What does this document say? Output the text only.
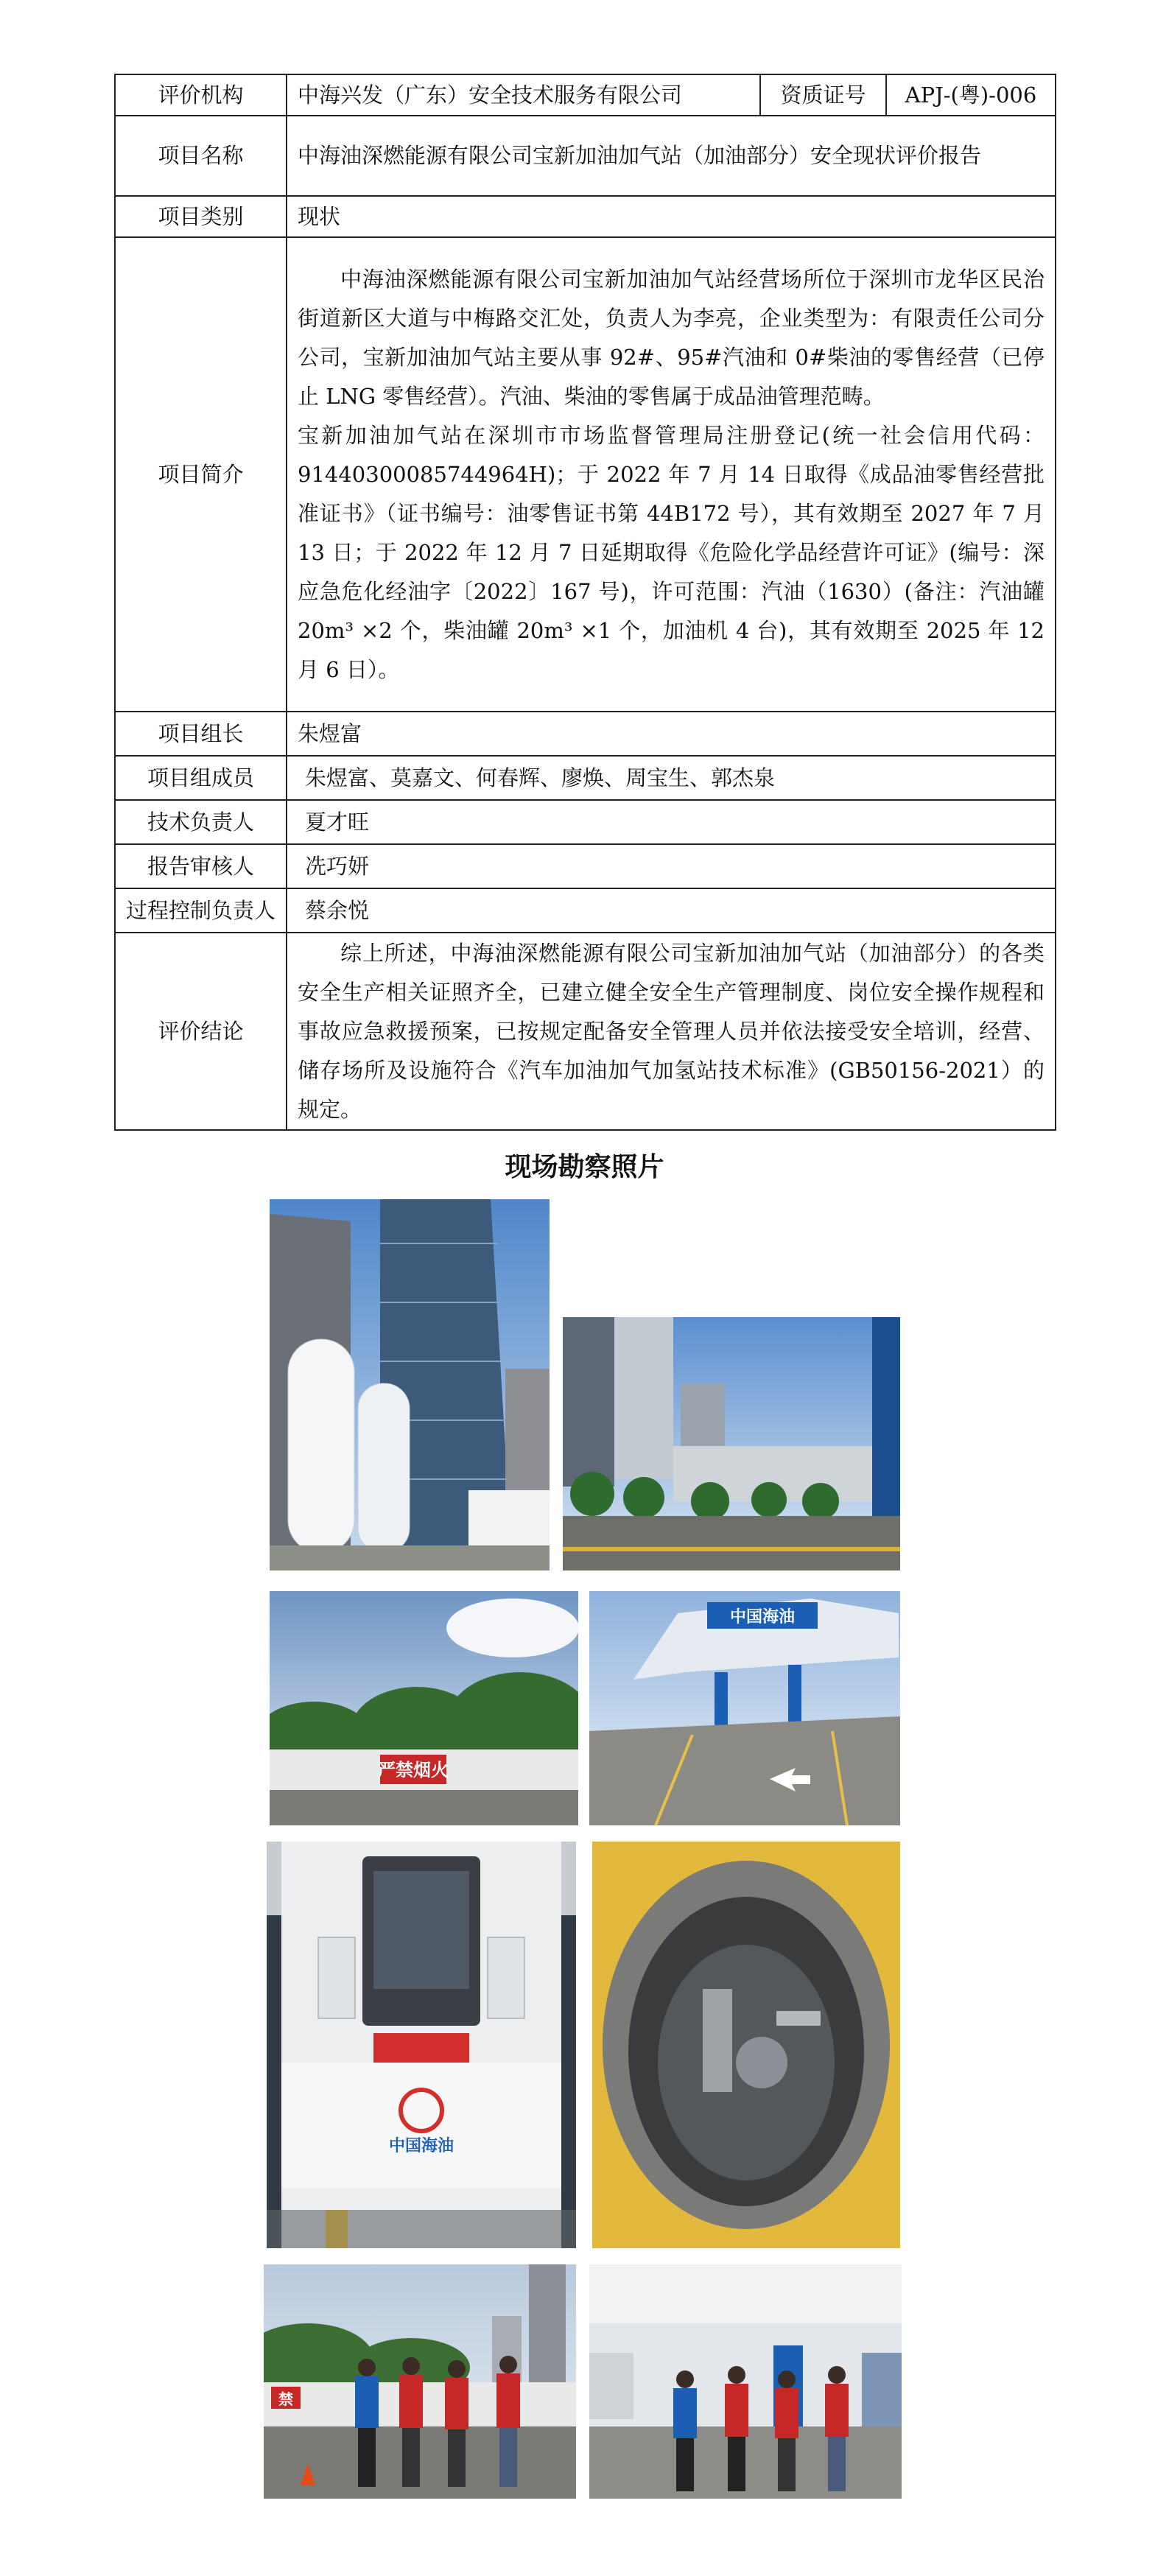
评价机构	中海兴发（广东）安全技术服务有限公司	资质证号	APJ-(粤)-006
项目名称	中海油深燃能源有限公司宝新加油加气站（加油部分）安全现状评价报告		
项目类别	现状		
项目简介	中海油深燃能源有限公司宝新加油加气站经营场所位于深圳市龙华区民治街道新区大道与中梅路交汇处，负责人为李亮，企业类型为：有限责任公司分公司，宝新加油加气站主要从事 92#、95#汽油和 0#柴油的零售经营（已停止 LNG 零售经营）。汽油、柴油的零售属于成品油管理范畴。
宝新加油加气站在深圳市市场监督管理局注册登记(统一社会信用代码：91440300085744964H)；于 2022 年 7 月 14 日取得《成品油零售经营批准证书》（证书编号：油零售证书第 44B172 号），其有效期至 2027 年 7 月 13 日；于 2022 年 12 月 7 日延期取得《危险化学品经营许可证》(编号：深应急危化经油字〔2022〕167 号)，许可范围：汽油（1630）(备注：汽油罐 20m³ ×2 个，柴油罐 20m³ ×1 个，加油机 4 台)，其有效期至 2025 年 12 月 6 日）。		

项目组长	朱煜富		
项目组成员	朱煜富、莫嘉文、何春辉、廖焕、周宝生、郭杰泉		
技术负责人	夏才旺		
报告审核人	冼巧妍		
过程控制负责人	蔡余悦		
评价结论	综上所述，中海油深燃能源有限公司宝新加油加气站（加油部分）的各类安全生产相关证照齐全，已建立健全安全生产管理制度、岗位安全操作规程和事故应急救援预案，已按规定配备安全管理人员并依法接受安全培训，经营、储存场所及设施符合《汽车加油加气加氢站技术标准》(GB50156-2021）的规定。		
现场勘察照片
严禁烟火
中国海油
中国海油
禁
